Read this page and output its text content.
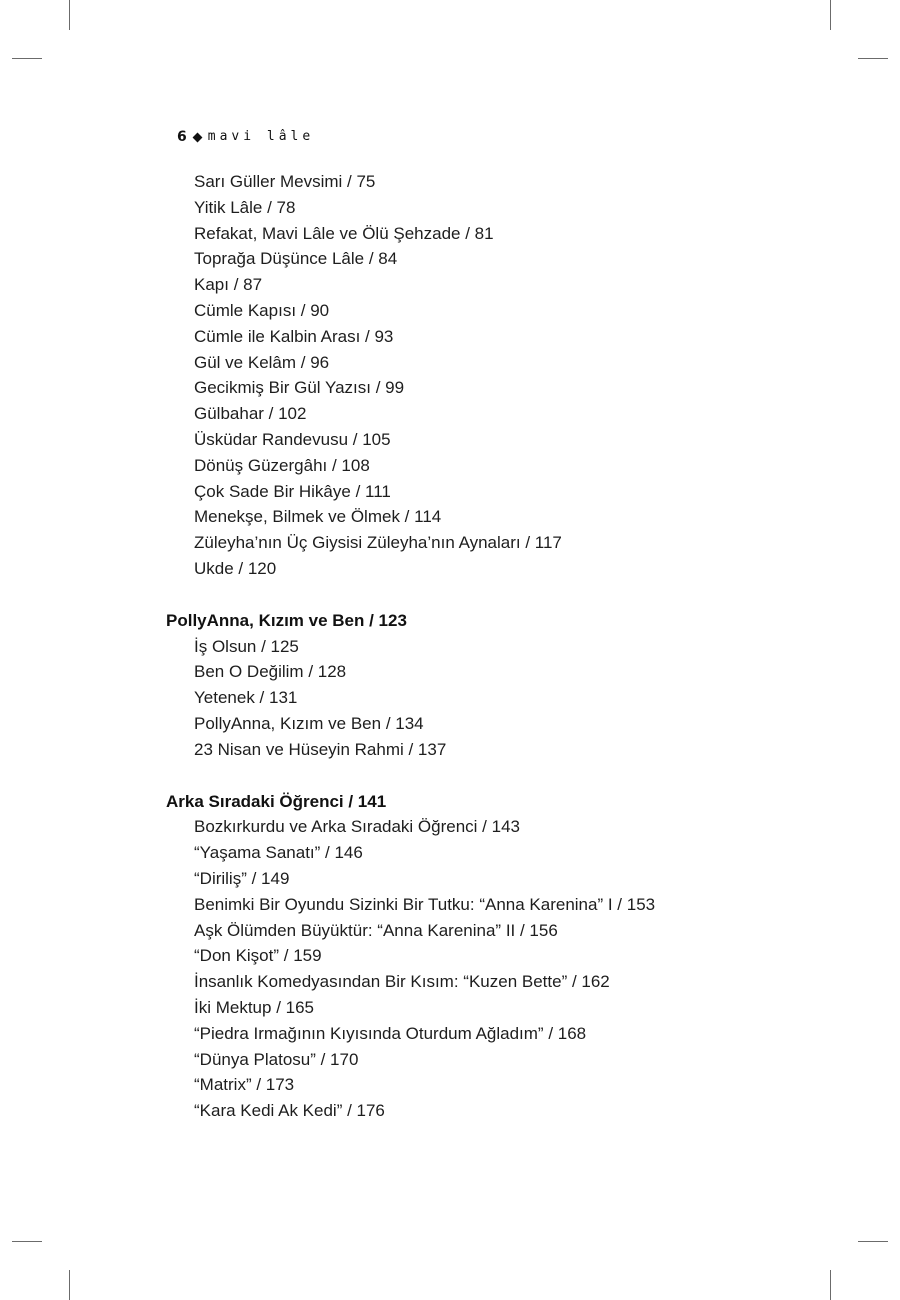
6 mavi lâle
Sarı Güller Mevsimi / 75
Yitik Lâle / 78
Refakat, Mavi Lâle ve Ölü Şehzade / 81
Toprağa Düşünce Lâle / 84
Kapı / 87
Cümle Kapısı / 90
Cümle ile Kalbin Arası / 93
Gül ve Kelâm / 96
Gecikmiş Bir Gül Yazısı / 99
Gülbahar / 102
Üsküdar Randevusu / 105
Dönüş Güzergâhı / 108
Çok Sade Bir Hikâye / 111
Menekşe, Bilmek ve Ölmek / 114
Züleyha’nın Üç Giysisi Züleyha’nın Aynaları / 117
Ukde / 120
PollyAnna, Kızım ve Ben / 123
İş Olsun / 125
Ben O Değilim / 128
Yetenek / 131
PollyAnna, Kızım ve Ben / 134
23 Nisan ve Hüseyin Rahmi / 137
Arka Sıradaki Öğrenci / 141
Bozkırkurdu ve Arka Sıradaki Öğrenci / 143
“Yaşama Sanatı” / 146
“Diriliş” / 149
Benimki Bir Oyundu Sizinki Bir Tutku: “Anna Karenina” I / 153
Aşk Ölümden Büyüktür: “Anna Karenina” II / 156
“Don Kişot” / 159
İnsanlık Komedyasından Bir Kısım: “Kuzen Bette” / 162
İki Mektup / 165
“Piedra Irmağının Kıyısında Oturdum Ağladım” / 168
“Dünya Platosu” / 170
“Matrix” / 173
“Kara Kedi Ak Kedi” / 176
